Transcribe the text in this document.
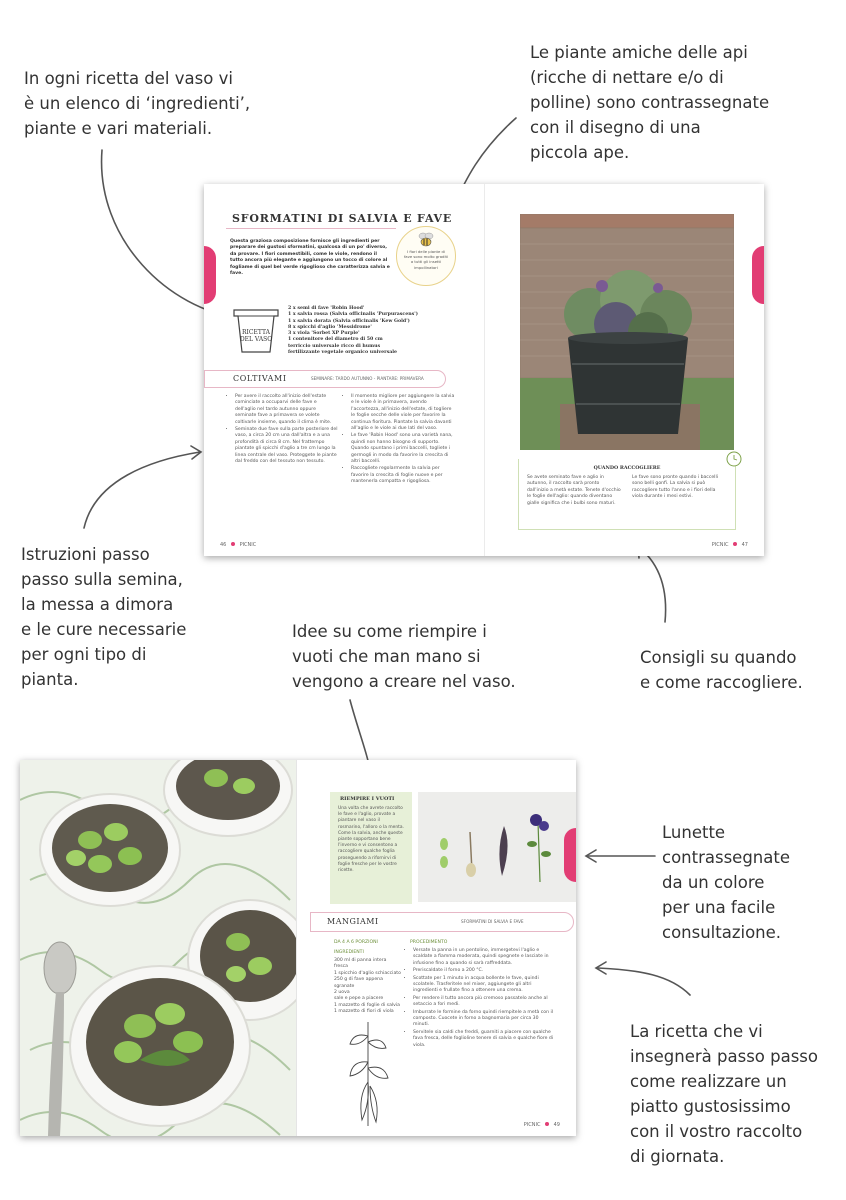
In ogni ricetta del vaso vi
è un elenco di ‘ingredienti’,
piante e vari materiali.
Le piante amiche delle api
(ricche di nettare e/o di
polline) sono contrassegnate
con il disegno di una
piccola ape.
Istruzioni passo
passo sulla semina,
la messa a dimora
e le cure necessarie
per ogni tipo di
pianta.
Idee su come riempire i
vuoti che man mano si
vengono a creare nel vaso.
Consigli su quando
e come raccogliere.
Lunette
contrassegnate
da un colore
per una facile
consultazione.
La ricetta che vi
insegnerà passo passo
come realizzare un
piatto gustosissimo
con il vostro raccolto
di giornata.
SFORMATINI DI SALVIA E FAVE
Questa graziosa composizione fornisce gli ingredienti per preparare dei gustosi sformatini, qualcosa di un po' diverso, da provare. I fiori commestibili, come le viole, rendono il tutto ancora più elegante e aggiungono un tocco di colore al fogliame di quel bel verde rigoglioso che caratterizza salvia e fave.
I fiori delle piante di fave sono molto graditi a tutti gli insetti impollinatori
RICETTA
DEL VASO
2 x semi di fave 'Robin Hood'
1 x salvia rossa (Salvia officinalis 'Purpurascens')
1 x salvia dorata (Salvia officinalis 'Kew Gold')
8 x spicchi d'aglio 'Messidrome'
3 x viola 'Sorbet XP Purple'
1 contenitore del diametro di 50 cm
terriccio universale ricco di humus
fertilizzante vegetale organico universale
COLTIVAMI	SEMINARE: TARDO AUTUNNO - PIANTARE: PRIMAVERA
• Per avere il raccolto all'inizio dell'estate cominciate a occuparvi delle fave e dell'aglio nel tardo autunno oppure seminate fave a primavera se volete coltivarle insieme, quando il clima è mite.
• Seminate due fave sulla parte posteriore del vaso, a circa 20 cm una dall'altra e a una profondità di circa 8 cm. Nel frattempo piantate gli spicchi d'aglio a tre cm lungo la linea centrale del vaso. Proteggete le piante dal freddo con del tessuto non tessuto.
• Il momento migliore per aggiungere la salvia e le viole è in primavera, avendo l'accortezza, all'inizio dell'estate, di togliere le foglie secche delle viole per favorire la continua fioritura. Piantate la salvia davanti all'aglio e le viole ai due lati del vaso.
• Le fave 'Robin Hood' sono una varietà nana, quindi non hanno bisogno di supporto. Quando spuntano i primi baccelli, togliete i germogli in modo da favorire la crescita di altri baccelli.
• Raccogliete regolarmente la salvia per favorire la crescita di foglie nuove e per mantenerla compatta e rigogliosa.
46	PICNIC
QUANDO RACCOGLIERE
Se avete seminato fave e aglio in autunno, il raccolto sarà pronto dall'inizio a metà estate. Tenete d'occhio le foglie dell'aglio: quando diventano gialle significa che i bulbi sono maturi. Le fave sono pronte quando i baccelli sono belli gonfi. La salvia si può raccogliere tutto l'anno e i fiori della viola durante i mesi estivi.
PICNIC	47
RIEMPIRE I VUOTI
Una volta che avrete raccolto le fave e l'aglio, provate a piantare nel vaso il rosmarino, l'alloro o la menta. Come la salvia, anche queste piante sopportano bene l'inverno e vi consentono a raccogliere qualche foglia proseguendo a rifornirvi di foglie fresche per le vostre ricette.
MANGIAMI	SFORMATINI DI SALVIA E FAVE
DA 4 A 6 PORZIONI
INGREDIENTI
300 ml di panna intera
fresca
1 spicchio d'aglio schiacciato
250 g di fave appena
sgranate
2 uova
sale e pepe a piacere
1 mazzetto di foglie di salvia
1 mazzetto di fiori di viola
PROCEDIMENTO
• Versate la panna in un pentolino, immergetevi l'aglio e scaldate a fiamma moderata, quindi spegnete e lasciate in infusione fino a quando si sarà raffreddata.
• Preriscaldate il forno a 200 °C.
• Scottate per 1 minuto in acqua bollente le fave, quindi scolatele. Trasferitele nel mixer, aggiungete gli altri ingredienti e frullate fino a ottenere una crema.
• Per rendere il tutto ancora più cremoso passatelo anche al setaccio a fori medi.
• Imburrate le formine da forno quindi riempitele a metà con il composto. Cuocete in forno a bagnomaria per circa 30 minuti.
• Servitele sia caldi che freddi, guarniti a piacere con qualche fava fresca, delle foglioline tenere di salvia e qualche fiore di viola.
PICNIC	49
